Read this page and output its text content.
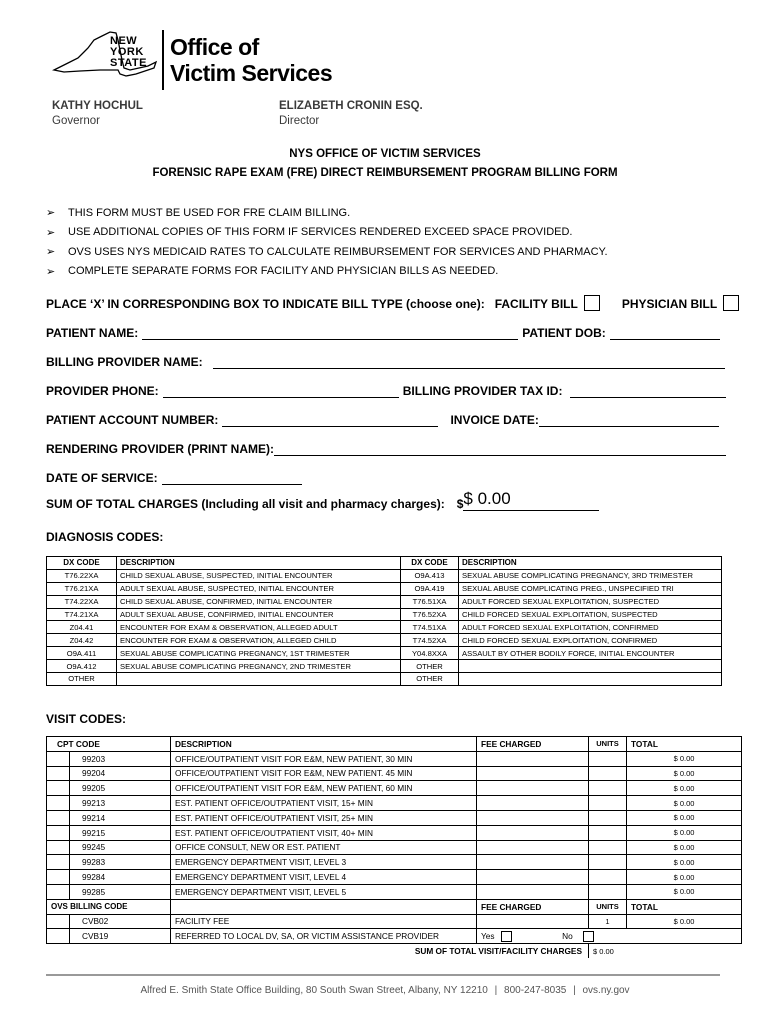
NEW
YORK
STATE
Office of
Victim Services
KATHY HOCHUL
Governor
ELIZABETH CRONIN ESQ.
Director
NYS OFFICE OF VICTIM SERVICES
FORENSIC RAPE EXAM (FRE) DIRECT REIMBURSEMENT PROGRAM BILLING FORM
➢	THIS FORM MUST BE USED FOR FRE CLAIM BILLING.
➢	USE ADDITIONAL COPIES OF THIS FORM IF SERVICES RENDERED EXCEED SPACE PROVIDED.
➢	OVS USES NYS MEDICAID RATES TO CALCULATE REIMBURSEMENT FOR SERVICES AND PHARMACY.
➢	COMPLETE SEPARATE FORMS FOR FACILITY AND PHYSICIAN BILLS AS NEEDED.
PLACE ‘X’ IN CORRESPONDING BOX TO INDICATE BILL TYPE (choose one): FACILITY BILL	PHYSICIAN BILL
PATIENT NAME:	PATIENT DOB:
BILLING PROVIDER NAME:
PROVIDER PHONE:	BILLING PROVIDER TAX ID:
PATIENT ACCOUNT NUMBER:	INVOICE DATE:
RENDERING PROVIDER (PRINT NAME):
DATE OF SERVICE:
SUM OF TOTAL CHARGES (Including all visit and pharmacy charges): $ $ 0.00
DIAGNOSIS CODES:
DX CODE	DESCRIPTION	DX CODE	DESCRIPTION
T76.22XA	CHILD SEXUAL ABUSE, SUSPECTED, INITIAL ENCOUNTER	O9A.413	SEXUAL ABUSE COMPLICATING PREGNANCY, 3RD TRIMESTER
T76.21XA	ADULT SEXUAL ABUSE, SUSPECTED, INITIAL ENCOUNTER	O9A.419	SEXUAL ABUSE COMPLICATING PREG., UNSPECIFIED TRI
T74.22XA	CHILD SEXUAL ABUSE, CONFIRMED, INITIAL ENCOUNTER	T76.51XA	ADULT FORCED SEXUAL EXPLOITATION, SUSPECTED
T74.21XA	ADULT SEXUAL ABUSE, CONFIRMED, INITIAL ENCOUNTER	T76.52XA	CHILD FORCED SEXUAL EXPLOITATION, SUSPECTED
Z04.41	ENCOUNTER FOR EXAM & OBSERVATION, ALLEGED ADULT	T74.51XA	ADULT FORCED SEXUAL EXPLOITATION, CONFIRMED
Z04.42	ENCOUNTER FOR EXAM & OBSERVATION, ALLEGED CHILD	T74.52XA	CHILD FORCED SEXUAL EXPLOITATION, CONFIRMED
O9A.411	SEXUAL ABUSE COMPLICATING PREGNANCY, 1ST TRIMESTER	Y04.8XXA	ASSAULT BY OTHER BODILY FORCE, INITIAL ENCOUNTER
O9A.412	SEXUAL ABUSE COMPLICATING PREGNANCY, 2ND TRIMESTER	OTHER	
OTHER		OTHER	
VISIT CODES:
CPT CODE		DESCRIPTION	FEE CHARGED	UNITS	TOTAL
	99203	OFFICE/OUTPATIENT VISIT FOR E&M, NEW PATIENT, 30 MIN			$ 0.00
	99204	OFFICE/OUTPATIENT VISIT FOR E&M, NEW PATIENT. 45 MIN			$ 0.00
	99205	OFFICE/OUTPATIENT VISIT FOR E&M, NEW PATIENT, 60 MIN			$ 0.00
	99213	EST. PATIENT OFFICE/OUTPATIENT VISIT, 15+ MIN			$ 0.00
	99214	EST. PATIENT OFFICE/OUTPATIENT VISIT, 25+ MIN			$ 0.00
	99215	EST. PATIENT OFFICE/OUTPATIENT VISIT, 40+ MIN			$ 0.00
	99245	OFFICE CONSULT, NEW OR EST. PATIENT			$ 0.00
	99283	EMERGENCY DEPARTMENT VISIT, LEVEL 3			$ 0.00
	99284	EMERGENCY DEPARTMENT VISIT, LEVEL 4			$ 0.00
	99285	EMERGENCY DEPARTMENT VISIT, LEVEL 5			$ 0.00
OVS BILLING CODE			FEE CHARGED	UNITS	TOTAL
	CVB02	FACILITY FEE		1	$ 0.00
	CVB19	REFERRED TO LOCAL DV, SA, OR VICTIM ASSISTANCE PROVIDER	Yes No		
SUM OF TOTAL VISIT/FACILITY CHARGES				$ 0.00	
Alfred E. Smith State Office Building, 80 South Swan Street, Albany, NY 12210 | 800-247-8035 | ovs.ny.gov
